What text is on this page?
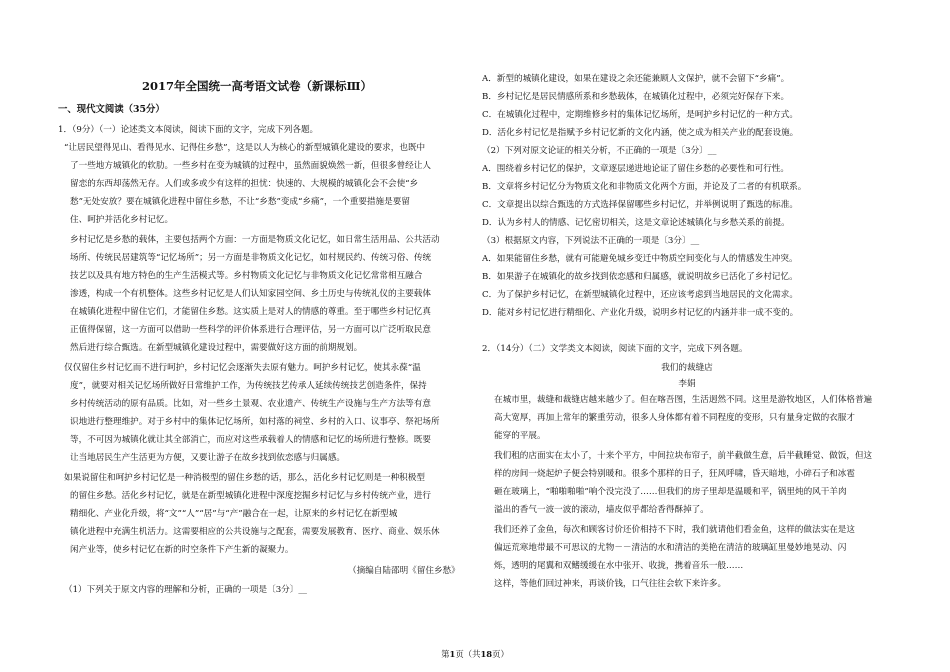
2017年全国统一高考语文试卷（新课标Ⅲ）
一、现代文阅读（35分）
1．（9分）（一）论述类文本阅读，阅读下面的文字，完成下列各题。
“让居民望得见山、看得见水、记得住乡愁”，这是以人为核心的新型城镇化建设的要求，也既中
了一些地方城镇化的软肋。一些乡村在变为城镇的过程中，虽然面貌焕然一新，但很多曾经让人
留恋的东西却荡然无存。人们或多或少有这样的担忧：快速的、大规模的城镇化会不会使“乡
愁”无处安放？要在城镇化进程中留住乡愁，不让“乡愁”变成“乡痛”，一个重要措施是要留
住、呵护并活化乡村记忆。
乡村记忆是乡愁的载体，主要包括两个方面：一方面是物质文化记忆，如日常生活用品、公共活动
场所、传统民居建筑等“记忆场所”；另一方面是非物质文化记忆，如村规民约、传统习俗、传统
技艺以及具有地方特色的生产生活模式等。乡村物质文化记忆与非物质文化记忆常常相互融合
渗透，构成一个有机整体。这些乡村记忆是人们认知家园空间、乡土历史与传统礼仪的主要载体
在城镇化进程中留住它们，才能留住乡愁。这实质上是对人的情感的尊重。至于哪些乡村记忆真
正值得保留，这一方面可以借助一些科学的评价体系进行合理评估，另一方面可以广泛听取民意
然后进行综合甄选。在新型城镇化建设过程中，需要做好这方面的前期规划。
仅仅留住乡村记忆而不进行呵护，乡村记忆会逐渐失去原有魅力。呵护乡村记忆，使其永葆“温
度”，就要对相关记忆场所做好日常维护工作，为传统技艺传承人延续传统技艺创造条件，保持
乡村传统活动的原有品质。比如，对一些乡土景观、农业遗产、传统生产设施与生产方法等有意
识地进行整理维护。对于乡村中的集体记忆场所，如村落的祠堂、乡村的入口、议事亭、祭祀场所
等，不可因为城镇化就让其全部消亡，而应对这些承载着人的情感和记忆的场所进行整修。既要
让当地居民生产生活更为方便，又要让游子在故乡找到依恋感与归属感。
如果说留住和呵护乡村记忆是一种消极型的留住乡愁的话，那么，活化乡村记忆则是一种积极型
的留住乡愁。活化乡村记忆，就是在新型城镇化进程中深度挖掘乡村记忆与乡村传统产业，进行
精细化、产业化升级，将“文”“人”“居”与“产”融合在一起，让原来的乡村记忆在新型城
镇化进程中充满生机活力。这需要相应的公共设施与之配套，需要发展教育、医疗、商业、娱乐休
闲产业等，使乡村记忆在新的时空条件下产生新的凝聚力。
（摘编自陆邵明《留住乡愁》
（1）下列关于原文内容的理解和分析，正确的一项是〔3分〕__
A．新型的城镇化建设，如果在建设之余还能兼顾人文保护，就不会留下“乡痛”。
B．乡村记忆是居民情感所系和乡愁载体，在城镇化过程中，必须完好保存下来。
C．在城镇化过程中，定期维修乡村的集体记忆场所，是呵护乡村记忆的一种方式。
D．活化乡村记忆是指赋予乡村记忆新的文化内涵，使之成为相关产业的配套设施。
（2）下列对原文论证的相关分析，不正确的一项是〔3分〕__
A．围绕着乡村记忆的保护，文章逐层递进地论证了留住乡愁的必要性和可行性。
B．文章将乡村记忆分为物质文化和非物质文化两个方面，并论及了二者的有机联系。
C．文章提出以综合甄选的方式选择保留哪些乡村记忆，并举例说明了甄选的标准。
D．认为乡村人的情感、记忆密切相关，这是文章论述城镇化与乡愁关系的前提。
（3）根据原文内容，下列说法不正确的一项是〔3分〕__
A．如果能留住乡愁，就有可能避免城乡变迁中物质空间变化与人的情感发生冲突。
B．如果游子在城镇化的故乡找到依恋感和归属感，就说明故乡已活化了乡村记忆。
C．为了保护乡村记忆，在新型城镇化过程中，还应该考虑到当地居民的文化需求。
D．能对乡村记忆进行精细化、产业化升级，说明乡村记忆的内涵并非一成不变的。
2．（14分）（二）文学类文本阅读，阅读下面的文字，完成下列各题。
我们的裁缝店
李娟
在城市里，裁缝和裁缝店越来越少了。但在喀吾图，生活迥然不同。这里是游牧地区，人们体格普遍
高大宽厚，再加上常年的繁重劳动，很多人身体都有着不同程度的变形，只有量身定做的衣服才
能穿的平展。
我们租的店面实在太小了，十来个平方，中间拉块布帘子，前半截做生意，后半截睡觉、做饭，但这
样的房间一烧起炉子便会特别暖和。很多个那样的日子，狂风呼啸，昏天暗地，小碎石子和冰雹
砸在玻璃上，“啪啪啪啪”响个没完没了……但我们的房子里却是温暖和平，锅里炖的风干羊肉
溢出的香气一波一波的滚动，墙皮似乎都给香得酥掉了。
我们还养了金鱼，每次和顾客讨价还价相持不下时，我们就请他们看金鱼，这样的做法实在是这
偏远荒寒地带最不可思议的尤物－－清洁的水和清洁的美艳在清洁的玻璃缸里曼妙地晃动、闪
烁，透明的尾翼和双鳍缓缓在水中张开、收拢，携着音乐一般……
这样，等他们回过神来，再谈价钱，口气往往会软下来许多。
第1页（共18页）
